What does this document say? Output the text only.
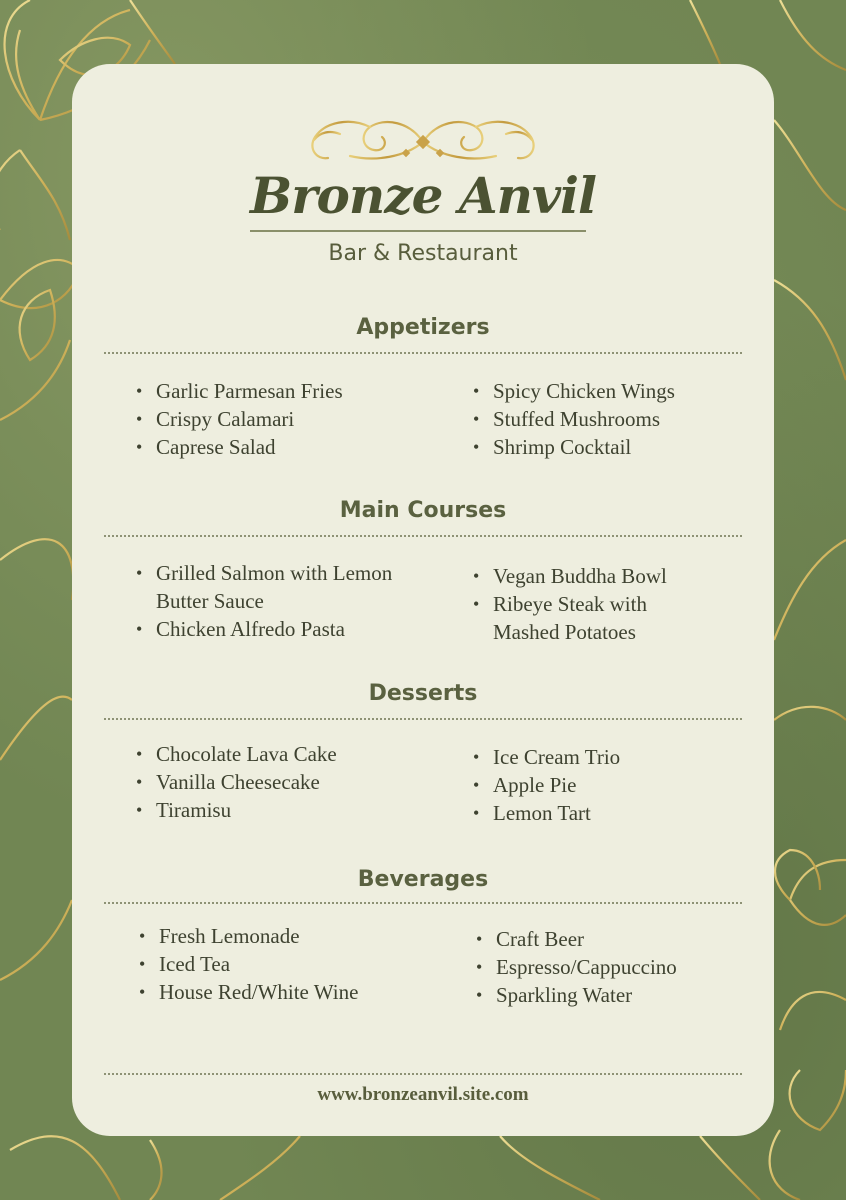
Bronze Anvil
Bar & Restaurant
Appetizers
• Garlic Parmesan Fries
• Crispy Calamari
• Caprese Salad
• Spicy Chicken Wings
• Stuffed Mushrooms
• Shrimp Cocktail
Main Courses
• Grilled Salmon with Lemon Butter Sauce
• Chicken Alfredo Pasta
• Vegan Buddha Bowl
• Ribeye Steak with Mashed Potatoes
Desserts
• Chocolate Lava Cake
• Vanilla Cheesecake
• Tiramisu
• Ice Cream Trio
• Apple Pie
• Lemon Tart
Beverages
• Fresh Lemonade
• Iced Tea
• House Red/White Wine
• Craft Beer
• Espresso/Cappuccino
• Sparkling Water
www.bronzeanvil.site.com
